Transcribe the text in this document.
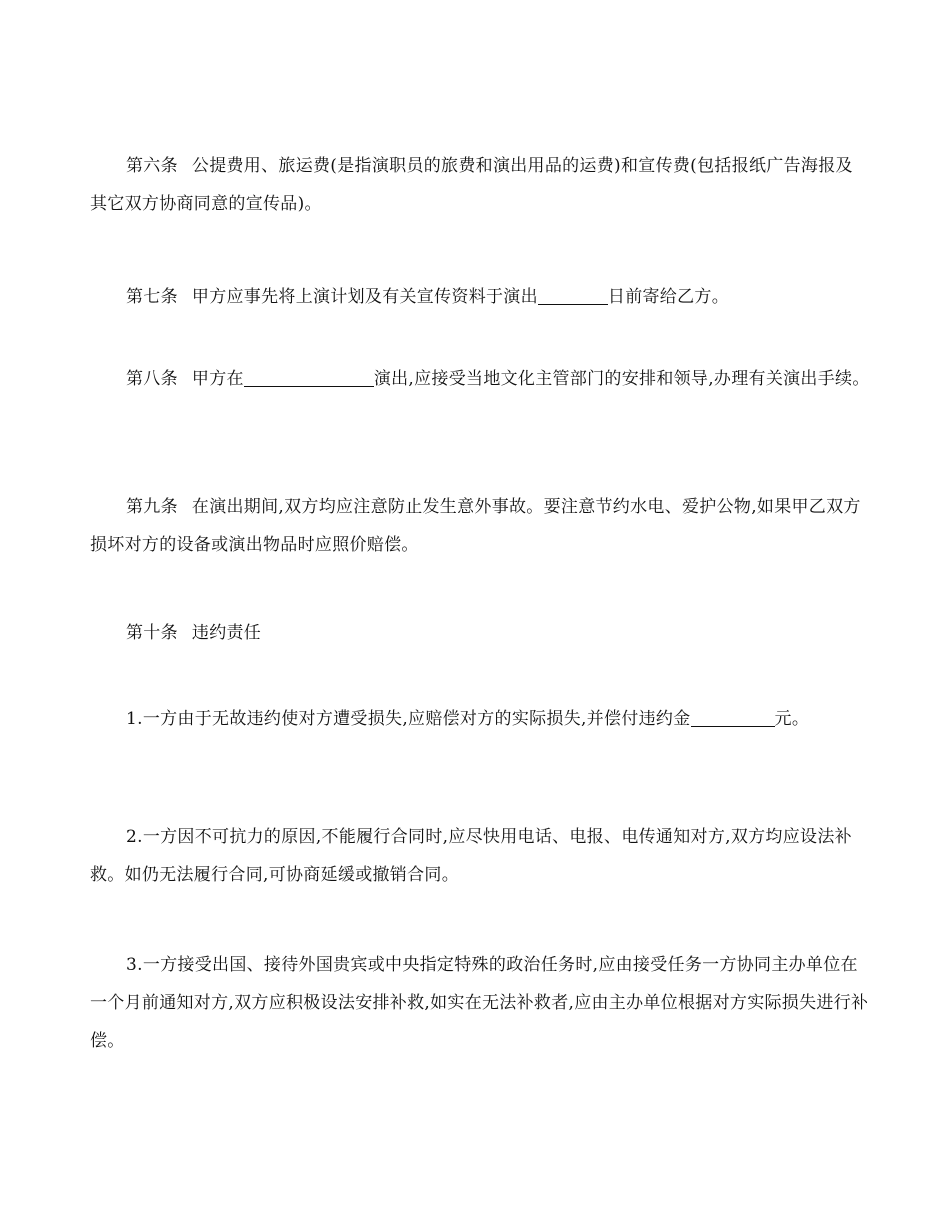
第六条 公提费用、旅运费(是指演职员的旅费和演出用品的运费)和宣传费(包括报纸广告海报及其它双方协商同意的宣传品)。

第七条 甲方应事先将上演计划及有关宣传资料于演出	日前寄给乙方。

第八条 甲方在	演出,应接受当地文化主管部门的安排和领导,办理有关演出手续。

第九条 在演出期间,双方均应注意防止发生意外事故。要注意节约水电、爱护公物,如果甲乙双方损坏对方的设备或演出物品时应照价赔偿。

第十条 违约责任

1.一方由于无故违约使对方遭受损失,应赔偿对方的实际损失,并偿付违约金	元。

2.一方因不可抗力的原因,不能履行合同时,应尽快用电话、电报、电传通知对方,双方均应设法补救。如仍无法履行合同,可协商延缓或撤销合同。

3.一方接受出国、接待外国贵宾或中央指定特殊的政治任务时,应由接受任务一方协同主办单位在一个月前通知对方,双方应积极设法安排补救,如实在无法补救者,应由主办单位根据对方实际损失进行补偿。
